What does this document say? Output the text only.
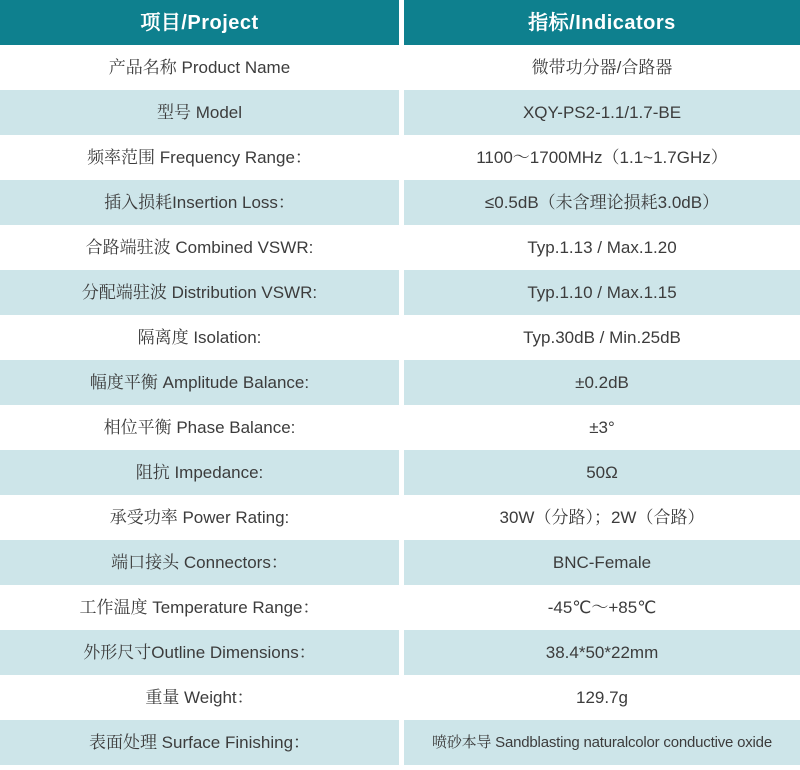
项目/Project	指标/Indicators
产品名称 Product Name	微带功分器/合路器
型号 Model	XQY-PS2-1.1/1.7-BE
频率范围 Frequency Range：	1100～1700MHz（1.1~1.7GHz）
插入损耗Insertion Loss：	≤0.5dB（未含理论损耗3.0dB）
合路端驻波 Combined VSWR:	Typ.1.13 / Max.1.20
分配端驻波 Distribution VSWR:	Typ.1.10 / Max.1.15
隔离度 Isolation:	Typ.30dB / Min.25dB
幅度平衡 Amplitude Balance:	±0.2dB
相位平衡 Phase Balance:	±3°
阻抗 Impedance:	50Ω
承受功率 Power Rating:	30W（分路）；2W（合路）
端口接头 Connectors：	BNC-Female
工作温度 Temperature Range：	-45℃～+85℃
外形尺寸Outline Dimensions：	38.4*50*22mm
重量 Weight：	129.7g
表面处理 Surface Finishing：	喷砂本导 Sandblasting naturalcolor conductive oxide
